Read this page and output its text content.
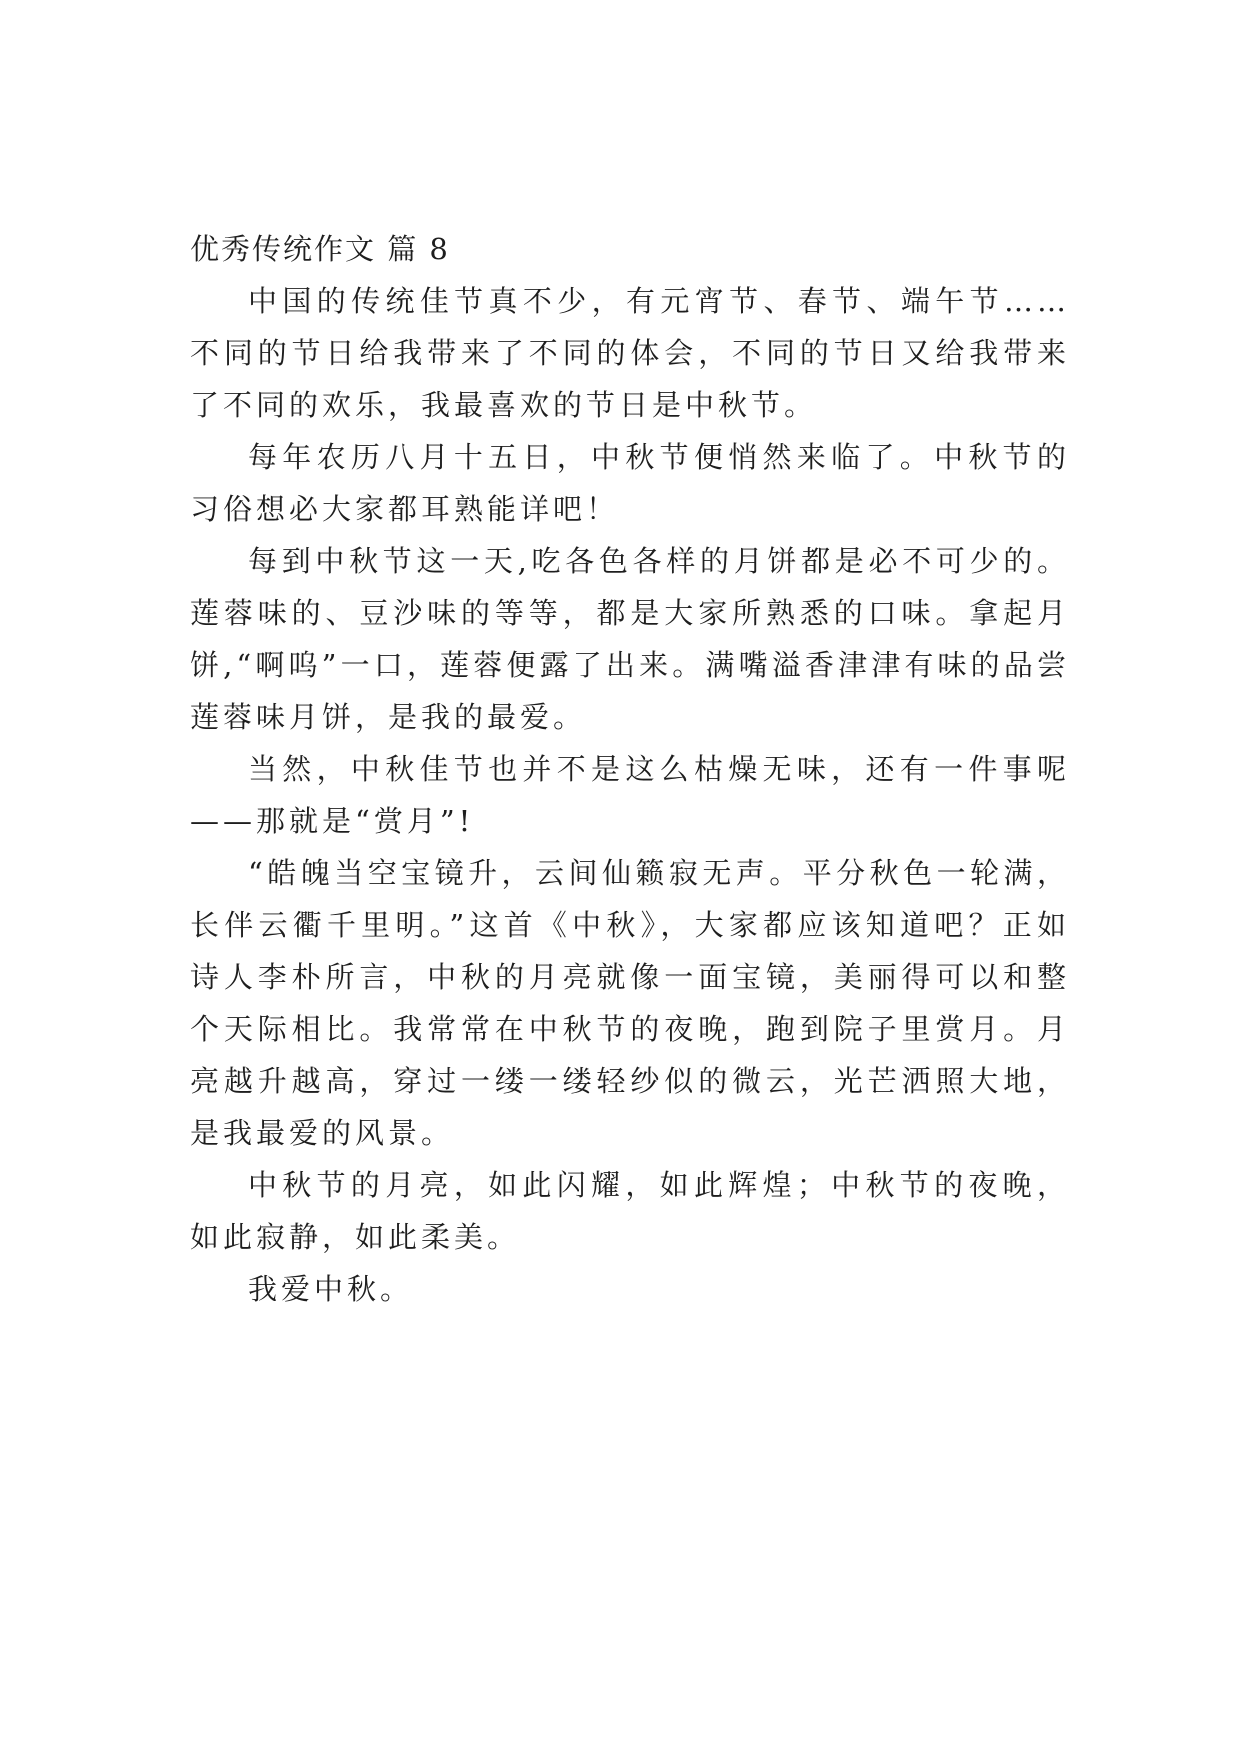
优秀传统作文 篇 8

中国的传统佳节真不少，有元宵节、春节、端午节……不同的节日给我带来了不同的体会，不同的节日又给我带来了不同的欢乐，我最喜欢的节日是中秋节。

每年农历八月十五日，中秋节便悄然来临了。中秋节的习俗想必大家都耳熟能详吧！

每到中秋节这一天,吃各色各样的月饼都是必不可少的。莲蓉味的、豆沙味的等等，都是大家所熟悉的口味。拿起月饼,“啊呜”一口，莲蓉便露了出来。满嘴溢香津津有味的品尝莲蓉味月饼，是我的最爱。

当然，中秋佳节也并不是这么枯燥无味，还有一件事呢——那就是“赏月”!

“皓魄当空宝镜升，云间仙籁寂无声。平分秋色一轮满，长伴云衢千里明。”这首《中秋》，大家都应该知道吧？正如诗人李朴所言，中秋的月亮就像一面宝镜，美丽得可以和整个天际相比。我常常在中秋节的夜晚，跑到院子里赏月。月亮越升越高，穿过一缕一缕轻纱似的微云，光芒洒照大地，是我最爱的风景。

中秋节的月亮，如此闪耀，如此辉煌；中秋节的夜晚，如此寂静，如此柔美。

我爱中秋。
